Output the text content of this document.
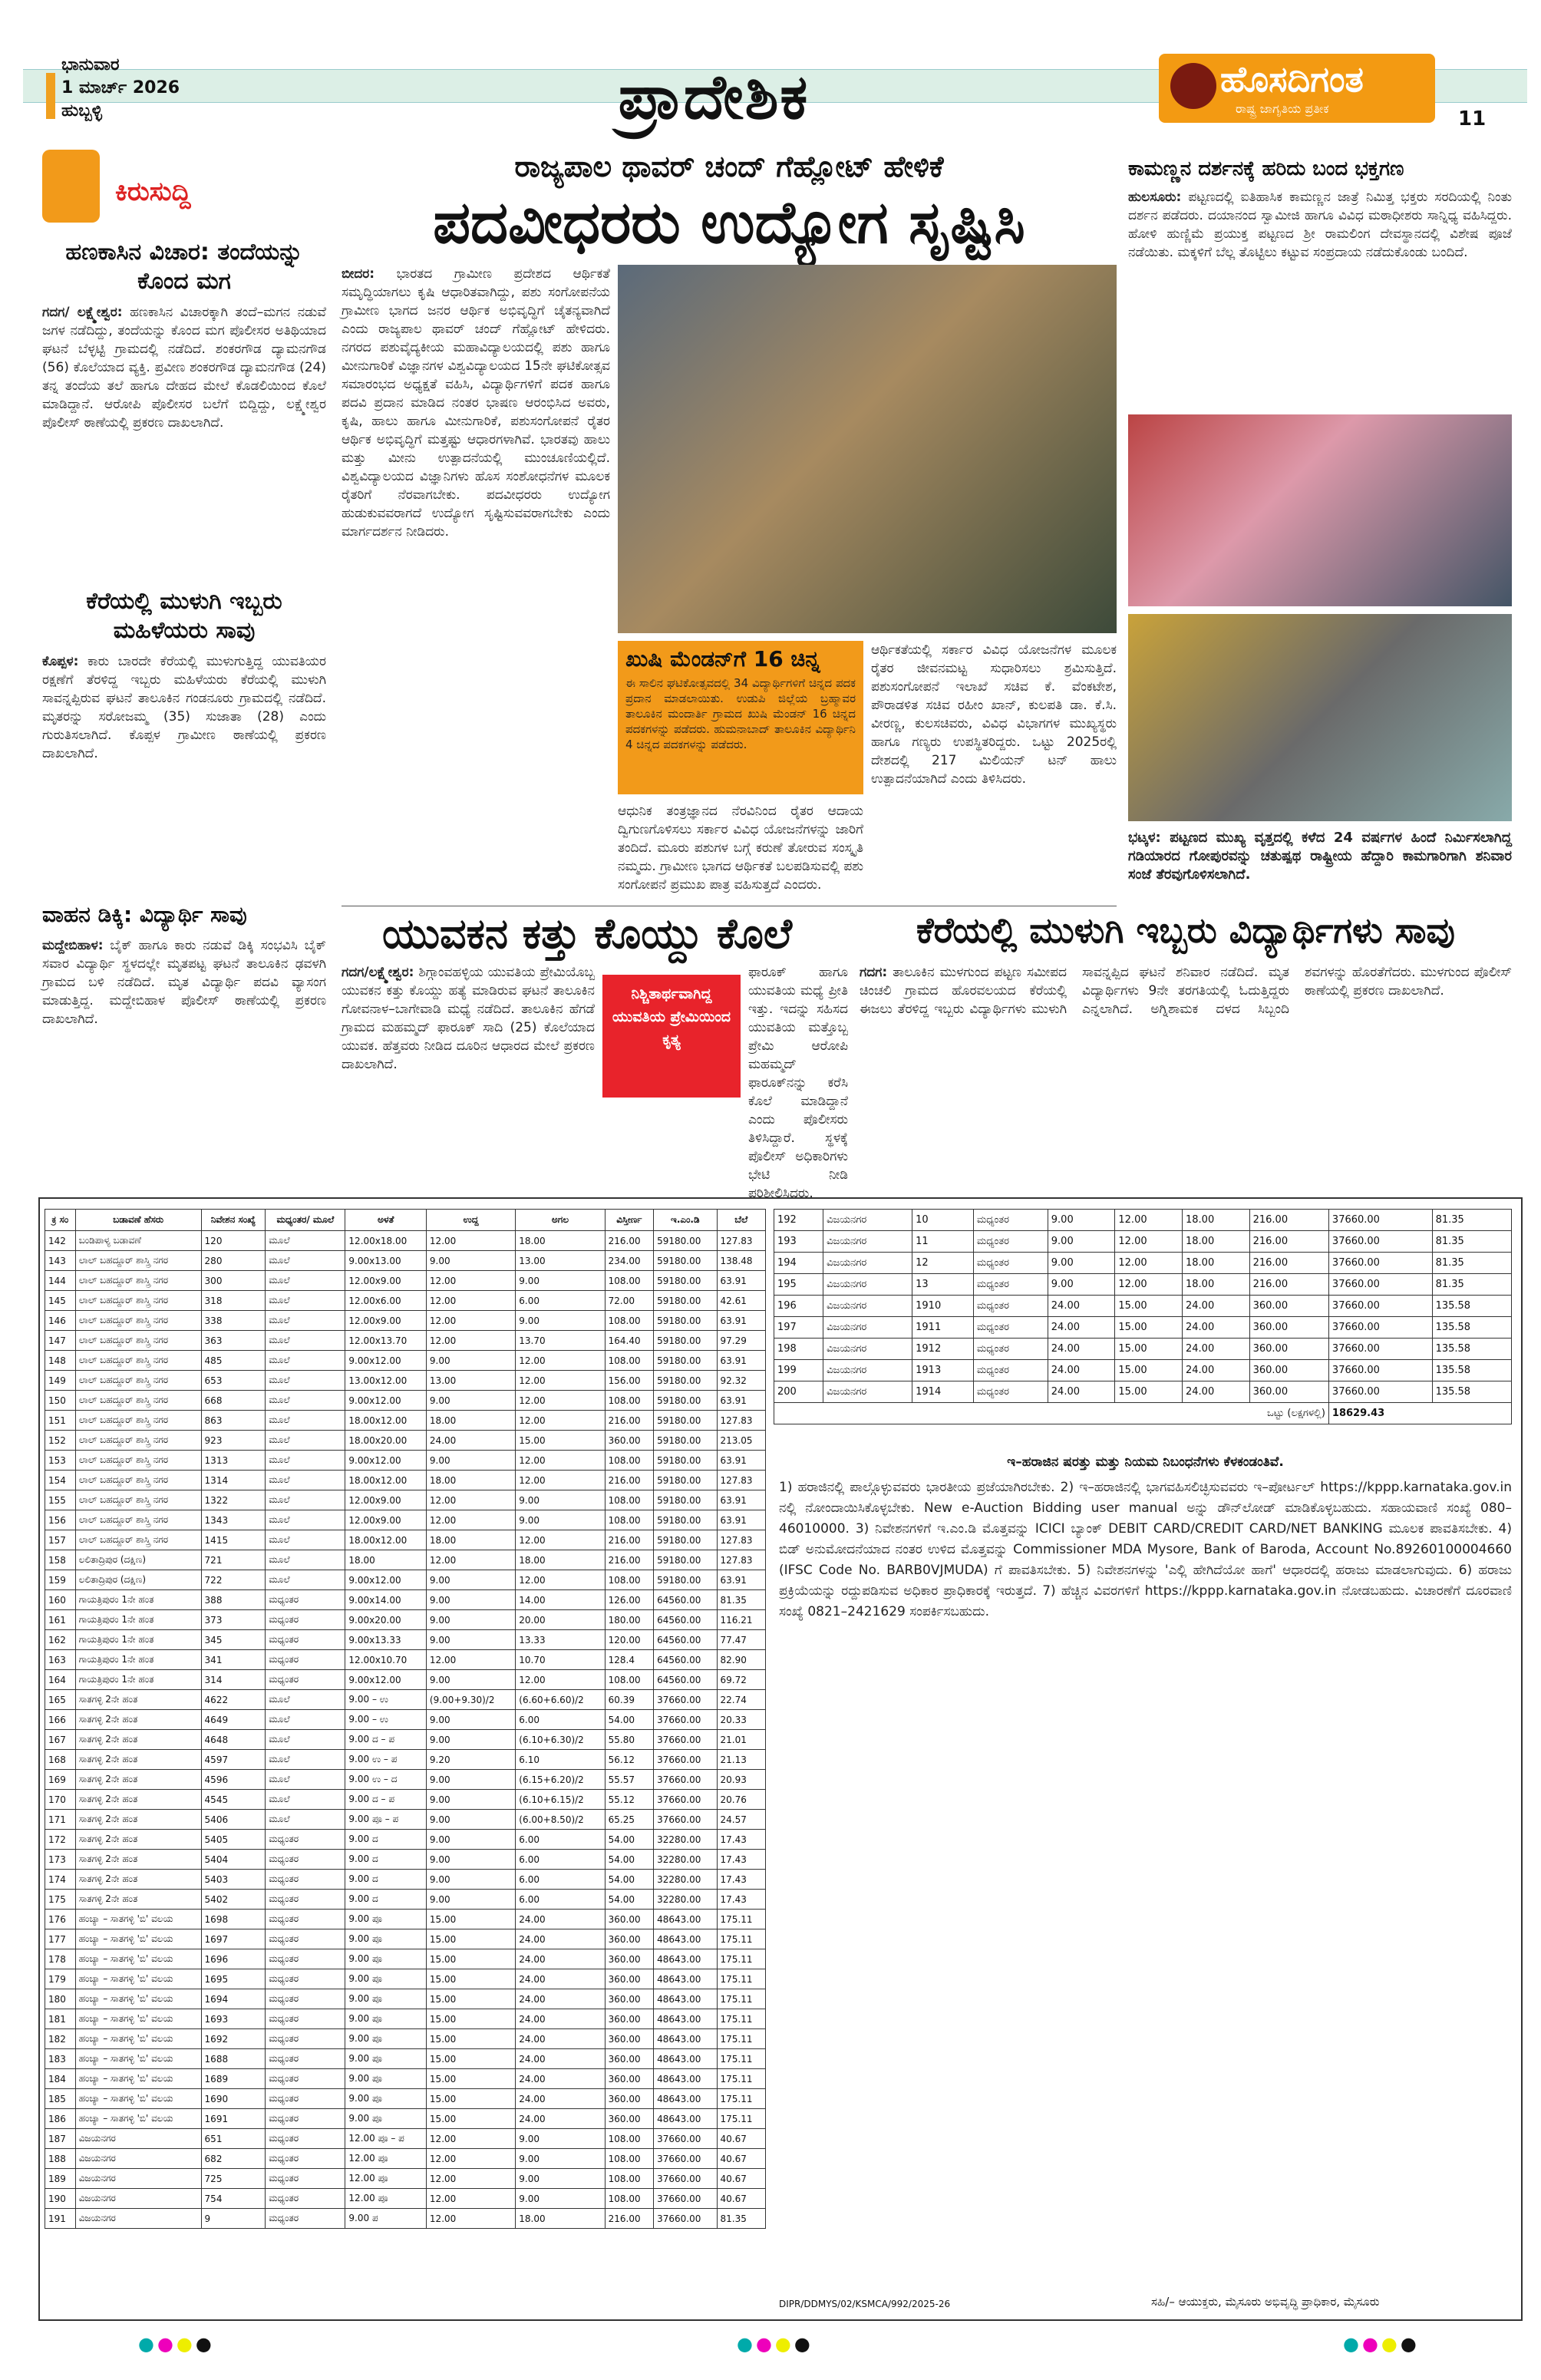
ಭಾನುವಾರ
1 ಮಾರ್ಚ್ 2026
ಹುಬ್ಬಳ್ಳಿ	ಪ್ರಾದೇಶಿಕ	ಹೊಸದಿಗಂತ
ರಾಷ್ಟ್ರ ಜಾಗೃತಿಯ ಪ್ರತೀಕ	11
ಕಿರುಸುದ್ದಿ
ಹಣಕಾಸಿನ ವಿಚಾರ: ತಂದೆಯನ್ನು ಕೊಂದ ಮಗ
ಗದಗ/ ಲಕ್ಷ್ಮೇಶ್ವರ: ಹಣಕಾಸಿನ ವಿಚಾರಕ್ಕಾಗಿ ತಂದೆ–ಮಗನ ನಡುವೆ ಜಗಳ ನಡೆದಿದ್ದು, ತಂದೆಯನ್ನು ಕೊಂದ ಮಗ ಪೊಲೀಸರ ಅತಿಥಿಯಾದ ಘಟನೆ ಬೆಳ್ಳಟ್ಟಿ ಗ್ರಾಮದಲ್ಲಿ ನಡೆದಿದೆ. ಶಂಕರಗೌಡ ದ್ಯಾಮನಗೌಡ (56) ಕೊಲೆಯಾದ ವ್ಯಕ್ತಿ. ಪ್ರವೀಣ ಶಂಕರಗೌಡ ದ್ಯಾಮನಗೌಡ (24) ತನ್ನ ತಂದೆಯ ತಲೆ ಹಾಗೂ ದೇಹದ ಮೇಲೆ ಕೊಡಲಿಯಿಂದ ಕೊಲೆ ಮಾಡಿದ್ದಾನೆ. ಆರೋಪಿ ಪೊಲೀಸರ ಬಲೆಗೆ ಬಿದ್ದಿದ್ದು, ಲಕ್ಷ್ಮೇಶ್ವರ ಪೊಲೀಸ್ ಠಾಣೆಯಲ್ಲಿ ಪ್ರಕರಣ ದಾಖಲಾಗಿದೆ.
ಕೆರೆಯಲ್ಲಿ ಮುಳುಗಿ ಇಬ್ಬರು ಮಹಿಳೆಯರು ಸಾವು
ಕೊಪ್ಪಳ: ಕಾರು ಬಾರದೇ ಕೆರೆಯಲ್ಲಿ ಮುಳುಗುತ್ತಿದ್ದ ಯುವತಿಯರ ರಕ್ಷಣೆಗೆ ತೆರಳಿದ್ದ ಇಬ್ಬರು ಮಹಿಳೆಯರು ಕೆರೆಯಲ್ಲಿ ಮುಳುಗಿ ಸಾವನ್ನಪ್ಪಿರುವ ಘಟನೆ ತಾಲೂಕಿನ ಗಂಡನೂರು ಗ್ರಾಮದಲ್ಲಿ ನಡೆದಿದೆ. ಮೃತರನ್ನು ಸರೋಜಮ್ಮ (35) ಸುಜಾತಾ (28) ಎಂದು ಗುರುತಿಸಲಾಗಿದೆ. ಕೊಪ್ಪಳ ಗ್ರಾಮೀಣ ಠಾಣೆಯಲ್ಲಿ ಪ್ರಕರಣ ದಾಖಲಾಗಿದೆ.
ವಾಹನ ಡಿಕ್ಕಿ: ವಿದ್ಯಾರ್ಥಿ ಸಾವು
ಮದ್ದೇಬಿಹಾಳ: ಬೈಕ್ ಹಾಗೂ ಕಾರು ನಡುವೆ ಡಿಕ್ಕಿ ಸಂಭವಿಸಿ ಬೈಕ್ ಸವಾರ ವಿದ್ಯಾರ್ಥಿ ಸ್ಥಳದಲ್ಲೇ ಮೃತಪಟ್ಟ ಘಟನೆ ತಾಲೂಕಿನ ಢವಳಗಿ ಗ್ರಾಮದ ಬಳಿ ನಡೆದಿದೆ. ಮೃತ ವಿದ್ಯಾರ್ಥಿ ಪದವಿ ವ್ಯಾಸಂಗ ಮಾಡುತ್ತಿದ್ದ. ಮದ್ದೇಬಿಹಾಳ ಪೊಲೀಸ್ ಠಾಣೆಯಲ್ಲಿ ಪ್ರಕರಣ ದಾಖಲಾಗಿದೆ.
ರಾಜ್ಯಪಾಲ ಥಾವರ್ ಚಂದ್ ಗೆಹ್ಲೋಟ್ ಹೇಳಿಕೆ
ಪದವೀಧರರು ಉದ್ಯೋಗ ಸೃಷ್ಟಿಸಿ
ಬೀದರ: ಭಾರತದ ಗ್ರಾಮೀಣ ಪ್ರದೇಶದ ಆರ್ಥಿಕತೆ ಸಮೃದ್ಧಿಯಾಗಲು ಕೃಷಿ ಆಧಾರಿತವಾಗಿದ್ದು, ಪಶು ಸಂಗೋಪನೆಯ ಗ್ರಾಮೀಣ ಭಾಗದ ಜನರ ಆರ್ಥಿಕ ಅಭಿವೃದ್ಧಿಗೆ ಚೈತನ್ಯವಾಗಿದೆ ಎಂದು ರಾಜ್ಯಪಾಲ ಥಾವರ್ ಚಂದ್ ಗೆಹ್ಲೋಟ್ ಹೇಳಿದರು. ನಗರದ ಪಶುವೈದ್ಯಕೀಯ ಮಹಾವಿದ್ಯಾಲಯದಲ್ಲಿ ಪಶು ಹಾಗೂ ಮೀನುಗಾರಿಕೆ ವಿಜ್ಞಾನಗಳ ವಿಶ್ವವಿದ್ಯಾಲಯದ 15ನೇ ಘಟಿಕೋತ್ಸವ ಸಮಾರಂಭದ ಅಧ್ಯಕ್ಷತೆ ವಹಿಸಿ, ವಿದ್ಯಾರ್ಥಿಗಳಿಗೆ ಪದಕ ಹಾಗೂ ಪದವಿ ಪ್ರದಾನ ಮಾಡಿದ ನಂತರ ಭಾಷಣ ಆರಂಭಿಸಿದ ಅವರು, ಕೃಷಿ, ಹಾಲು ಹಾಗೂ ಮೀನುಗಾರಿಕೆ, ಪಶುಸಂಗೋಪನೆ ರೈತರ ಆರ್ಥಿಕ ಅಭಿವೃದ್ಧಿಗೆ ಮತ್ತಷ್ಟು ಆಧಾರಗಳಾಗಿವೆ. ಭಾರತವು ಹಾಲು ಮತ್ತು ಮೀನು ಉತ್ಪಾದನೆಯಲ್ಲಿ ಮುಂಚೂಣಿಯಲ್ಲಿದೆ. ವಿಶ್ವವಿದ್ಯಾಲಯದ ವಿಜ್ಞಾನಿಗಳು ಹೊಸ ಸಂಶೋಧನೆಗಳ ಮೂಲಕ ರೈತರಿಗೆ ನೆರವಾಗಬೇಕು. ಪದವೀಧರರು ಉದ್ಯೋಗ ಹುಡುಕುವವರಾಗದೆ ಉದ್ಯೋಗ ಸೃಷ್ಟಿಸುವವರಾಗಬೇಕು ಎಂದು ಮಾರ್ಗದರ್ಶನ ನೀಡಿದರು.
ಖುಷಿ ಮೆಂಡನ್‌ಗೆ 16 ಚಿನ್ನ
ಈ ಸಾಲಿನ ಘಟಿಕೋತ್ಸವದಲ್ಲಿ 34 ವಿದ್ಯಾರ್ಥಿಗಳಿಗೆ ಚಿನ್ನದ ಪದಕ ಪ್ರದಾನ ಮಾಡಲಾಯಿತು. ಉಡುಪಿ ಜಿಲ್ಲೆಯ ಬ್ರಹ್ಮಾವರ ತಾಲೂಕಿನ ಮಂದಾರ್ತಿ ಗ್ರಾಮದ ಖುಷಿ ಮೆಂಡನ್ 16 ಚಿನ್ನದ ಪದಕಗಳನ್ನು ಪಡೆದರು. ಹುಮನಾಬಾದ್ ತಾಲೂಕಿನ ವಿದ್ಯಾರ್ಥಿನಿ 4 ಚಿನ್ನದ ಪದಕಗಳನ್ನು ಪಡೆದರು.
ಆಧುನಿಕ ತಂತ್ರಜ್ಞಾನದ ನೆರವಿನಿಂದ ರೈತರ ಆದಾಯ ದ್ವಿಗುಣಗೊಳಿಸಲು ಸರ್ಕಾರ ವಿವಿಧ ಯೋಜನೆಗಳನ್ನು ಜಾರಿಗೆ ತಂದಿದೆ. ಮೂರು ಪಶುಗಳ ಬಗ್ಗೆ ಕರುಣೆ ತೋರುವ ಸಂಸ್ಕೃತಿ ನಮ್ಮದು. ಗ್ರಾಮೀಣ ಭಾಗದ ಆರ್ಥಿಕತೆ ಬಲಪಡಿಸುವಲ್ಲಿ ಪಶು ಸಂಗೋಪನೆ ಪ್ರಮುಖ ಪಾತ್ರ ವಹಿಸುತ್ತದೆ ಎಂದರು.
ಆರ್ಥಿಕತೆಯಲ್ಲಿ ಸರ್ಕಾರ ವಿವಿಧ ಯೋಜನೆಗಳ ಮೂಲಕ ರೈತರ ಜೀವನಮಟ್ಟ ಸುಧಾರಿಸಲು ಶ್ರಮಿಸುತ್ತಿದೆ. ಪಶುಸಂಗೋಪನೆ ಇಲಾಖೆ ಸಚಿವ ಕೆ. ವೆಂಕಟೇಶ, ಪೌರಾಡಳಿತ ಸಚಿವ ರಹೀಂ ಖಾನ್, ಕುಲಪತಿ ಡಾ. ಕೆ.ಸಿ. ವೀರಣ್ಣ, ಕುಲಸಚಿವರು, ವಿವಿಧ ವಿಭಾಗಗಳ ಮುಖ್ಯಸ್ಥರು ಹಾಗೂ ಗಣ್ಯರು ಉಪಸ್ಥಿತರಿದ್ದರು. ಒಟ್ಟು 2025ರಲ್ಲಿ ದೇಶದಲ್ಲಿ 217 ಮಿಲಿಯನ್ ಟನ್ ಹಾಲು ಉತ್ಪಾದನೆಯಾಗಿದೆ ಎಂದು ತಿಳಿಸಿದರು.
ಕಾಮಣ್ಣನ ದರ್ಶನಕ್ಕೆ ಹರಿದು ಬಂದ ಭಕ್ತಗಣ
ಹುಲಸೂರು: ಪಟ್ಟಣದಲ್ಲಿ ಐತಿಹಾಸಿಕ ಕಾಮಣ್ಣನ ಜಾತ್ರೆ ನಿಮಿತ್ತ ಭಕ್ತರು ಸರದಿಯಲ್ಲಿ ನಿಂತು ದರ್ಶನ ಪಡೆದರು. ದಯಾನಂದ ಸ್ವಾಮೀಜಿ ಹಾಗೂ ವಿವಿಧ ಮಠಾಧೀಶರು ಸಾನ್ನಿಧ್ಯ ವಹಿಸಿದ್ದರು. ಹೋಳಿ ಹುಣ್ಣಿಮೆ ಪ್ರಯುಕ್ತ ಪಟ್ಟಣದ ಶ್ರೀ ರಾಮಲಿಂಗ ದೇವಸ್ಥಾನದಲ್ಲಿ ವಿಶೇಷ ಪೂಜೆ ನಡೆಯಿತು. ಮಕ್ಕಳಿಗೆ ಬೆಲ್ಲ ತೊಟ್ಟಿಲು ಕಟ್ಟುವ ಸಂಪ್ರದಾಯ ನಡೆದುಕೊಂಡು ಬಂದಿದೆ.
ಭಟ್ಕಳ: ಪಟ್ಟಣದ ಮುಖ್ಯ ವೃತ್ತದಲ್ಲಿ ಕಳೆದ 24 ವರ್ಷಗಳ ಹಿಂದೆ ನಿರ್ಮಿಸಲಾಗಿದ್ದ ಗಡಿಯಾರದ ಗೋಪುರವನ್ನು ಚತುಷ್ಪಥ ರಾಷ್ಟ್ರೀಯ ಹೆದ್ದಾರಿ ಕಾಮಗಾರಿಗಾಗಿ ಶನಿವಾರ ಸಂಜೆ ತೆರವುಗೊಳಿಸಲಾಗಿದೆ.
ಯುವಕನ ಕತ್ತು ಕೊಯ್ದು ಕೊಲೆ
ಗದಗ/ಲಕ್ಷ್ಮೇಶ್ವರ: ಶಿಗ್ಗಾಂವಹಳ್ಳಿಯ ಯುವತಿಯ ಪ್ರೇಮಿಯೊಬ್ಬ ಯುವಕನ ಕತ್ತು ಕೊಯ್ದು ಹತ್ಯೆ ಮಾಡಿರುವ ಘಟನೆ ತಾಲೂಕಿನ ಗೋವನಾಳ–ಬಾಗೇವಾಡಿ ಮಧ್ಯೆ ನಡೆದಿದೆ. ತಾಲೂಕಿನ ಹೆಗಡೆ ಗ್ರಾಮದ ಮಹಮ್ಮದ್ ಫಾರೂಕ್ ಸಾದಿ (25) ಕೊಲೆಯಾದ ಯುವಕ. ಹೆತ್ತವರು ನೀಡಿದ ದೂರಿನ ಆಧಾರದ ಮೇಲೆ ಪ್ರಕರಣ ದಾಖಲಾಗಿದೆ.
ನಿಶ್ಚಿತಾರ್ಥವಾಗಿದ್ದ ಯುವತಿಯ ಪ್ರೇಮಿಯಿಂದ ಕೃತ್ಯ
ಫಾರೂಕ್ ಹಾಗೂ ಯುವತಿಯ ಮಧ್ಯೆ ಪ್ರೀತಿ ಇತ್ತು. ಇದನ್ನು ಸಹಿಸದ ಯುವತಿಯ ಮತ್ತೊಬ್ಬ ಪ್ರೇಮಿ ಆರೋಪಿ ಮಹಮ್ಮದ್ ಫಾರೂಕ್‌ನನ್ನು ಕರೆಸಿ ಕೊಲೆ ಮಾಡಿದ್ದಾನೆ ಎಂದು ಪೊಲೀಸರು ತಿಳಿಸಿದ್ದಾರೆ. ಸ್ಥಳಕ್ಕೆ ಪೊಲೀಸ್ ಅಧಿಕಾರಿಗಳು ಭೇಟಿ ನೀಡಿ ಪರಿಶೀಲಿಸಿದರು.
ಕೆರೆಯಲ್ಲಿ ಮುಳುಗಿ ಇಬ್ಬರು ವಿದ್ಯಾರ್ಥಿಗಳು ಸಾವು
ಗದಗ: ತಾಲೂಕಿನ ಮುಳಗುಂದ ಪಟ್ಟಣ ಸಮೀಪದ ಚಿಂಚಲಿ ಗ್ರಾಮದ ಹೊರವಲಯದ ಕೆರೆಯಲ್ಲಿ ಈಜಲು ತೆರಳಿದ್ದ ಇಬ್ಬರು ವಿದ್ಯಾರ್ಥಿಗಳು ಮುಳುಗಿ ಸಾವನ್ನಪ್ಪಿದ ಘಟನೆ ಶನಿವಾರ ನಡೆದಿದೆ. ಮೃತ ವಿದ್ಯಾರ್ಥಿಗಳು 9ನೇ ತರಗತಿಯಲ್ಲಿ ಓದುತ್ತಿದ್ದರು ಎನ್ನಲಾಗಿದೆ. ಅಗ್ನಿಶಾಮಕ ದಳದ ಸಿಬ್ಬಂದಿ ಶವಗಳನ್ನು ಹೊರತೆಗೆದರು. ಮುಳಗುಂದ ಪೊಲೀಸ್ ಠಾಣೆಯಲ್ಲಿ ಪ್ರಕರಣ ದಾಖಲಾಗಿದೆ.
ಕ್ರ ಸಂ	ಬಡಾವಣೆ ಹೆಸರು	ನಿವೇಶನ ಸಂಖ್ಯೆ	ಮಧ್ಯಂತರ/ ಮೂಲೆ	ಅಳತೆ	ಉದ್ದ	ಅಗಲ	ವಿಸ್ತೀರ್ಣ	ಇ.ಎಂ.ಡಿ	ಬೆಲೆ
142	ಬಂಡಿಪಾಳ್ಯ ಬಡಾವಣೆ	120	ಮೂಲೆ	12.00x18.00	12.00	18.00	216.00	59180.00	127.83
143	ಲಾಲ್ ಬಹದ್ದೂರ್ ಶಾಸ್ತ್ರಿ ನಗರ	280	ಮೂಲೆ	9.00x13.00	9.00	13.00	234.00	59180.00	138.48
144	ಲಾಲ್ ಬಹದ್ದೂರ್ ಶಾಸ್ತ್ರಿ ನಗರ	300	ಮೂಲೆ	12.00x9.00	12.00	9.00	108.00	59180.00	63.91
145	ಲಾಲ್ ಬಹದ್ದೂರ್ ಶಾಸ್ತ್ರಿ ನಗರ	318	ಮೂಲೆ	12.00x6.00	12.00	6.00	72.00	59180.00	42.61
146	ಲಾಲ್ ಬಹದ್ದೂರ್ ಶಾಸ್ತ್ರಿ ನಗರ	338	ಮೂಲೆ	12.00x9.00	12.00	9.00	108.00	59180.00	63.91
147	ಲಾಲ್ ಬಹದ್ದೂರ್ ಶಾಸ್ತ್ರಿ ನಗರ	363	ಮೂಲೆ	12.00x13.70	12.00	13.70	164.40	59180.00	97.29
148	ಲಾಲ್ ಬಹದ್ದೂರ್ ಶಾಸ್ತ್ರಿ ನಗರ	485	ಮೂಲೆ	9.00x12.00	9.00	12.00	108.00	59180.00	63.91
149	ಲಾಲ್ ಬಹದ್ದೂರ್ ಶಾಸ್ತ್ರಿ ನಗರ	653	ಮೂಲೆ	13.00x12.00	13.00	12.00	156.00	59180.00	92.32
150	ಲಾಲ್ ಬಹದ್ದೂರ್ ಶಾಸ್ತ್ರಿ ನಗರ	668	ಮೂಲೆ	9.00x12.00	9.00	12.00	108.00	59180.00	63.91
151	ಲಾಲ್ ಬಹದ್ದೂರ್ ಶಾಸ್ತ್ರಿ ನಗರ	863	ಮೂಲೆ	18.00x12.00	18.00	12.00	216.00	59180.00	127.83
152	ಲಾಲ್ ಬಹದ್ದೂರ್ ಶಾಸ್ತ್ರಿ ನಗರ	923	ಮೂಲೆ	18.00x20.00	24.00	15.00	360.00	59180.00	213.05
153	ಲಾಲ್ ಬಹದ್ದೂರ್ ಶಾಸ್ತ್ರಿ ನಗರ	1313	ಮೂಲೆ	9.00x12.00	9.00	12.00	108.00	59180.00	63.91
154	ಲಾಲ್ ಬಹದ್ದೂರ್ ಶಾಸ್ತ್ರಿ ನಗರ	1314	ಮೂಲೆ	18.00x12.00	18.00	12.00	216.00	59180.00	127.83
155	ಲಾಲ್ ಬಹದ್ದೂರ್ ಶಾಸ್ತ್ರಿ ನಗರ	1322	ಮೂಲೆ	12.00x9.00	12.00	9.00	108.00	59180.00	63.91
156	ಲಾಲ್ ಬಹದ್ದೂರ್ ಶಾಸ್ತ್ರಿ ನಗರ	1343	ಮೂಲೆ	12.00x9.00	12.00	9.00	108.00	59180.00	63.91
157	ಲಾಲ್ ಬಹದ್ದೂರ್ ಶಾಸ್ತ್ರಿ ನಗರ	1415	ಮೂಲೆ	18.00x12.00	18.00	12.00	216.00	59180.00	127.83
158	ಲಲಿತಾದ್ರಿಪುರ (ದಕ್ಷಿಣ)	721	ಮೂಲೆ	18.00	12.00	18.00	216.00	59180.00	127.83
159	ಲಲಿತಾದ್ರಿಪುರ (ದಕ್ಷಿಣ)	722	ಮೂಲೆ	9.00x12.00	9.00	12.00	108.00	59180.00	63.91
160	ಗಾಯತ್ರಿಪುರಂ 1ನೇ ಹಂತ	388	ಮಧ್ಯಂತರ	9.00x14.00	9.00	14.00	126.00	64560.00	81.35
161	ಗಾಯತ್ರಿಪುರಂ 1ನೇ ಹಂತ	373	ಮಧ್ಯಂತರ	9.00x20.00	9.00	20.00	180.00	64560.00	116.21
162	ಗಾಯತ್ರಿಪುರಂ 1ನೇ ಹಂತ	345	ಮಧ್ಯಂತರ	9.00x13.33	9.00	13.33	120.00	64560.00	77.47
163	ಗಾಯತ್ರಿಪುರಂ 1ನೇ ಹಂತ	341	ಮಧ್ಯಂತರ	12.00x10.70	12.00	10.70	128.4	64560.00	82.90
164	ಗಾಯತ್ರಿಪುರಂ 1ನೇ ಹಂತ	314	ಮಧ್ಯಂತರ	9.00x12.00	9.00	12.00	108.00	64560.00	69.72
165	ಸಾತಗಳ್ಳಿ 2ನೇ ಹಂತ	4622	ಮೂಲೆ	9.00 – ಉ	(9.00+9.30)/2	(6.60+6.60)/2	60.39	37660.00	22.74
166	ಸಾತಗಳ್ಳಿ 2ನೇ ಹಂತ	4649	ಮೂಲೆ	9.00 – ಉ	9.00	6.00	54.00	37660.00	20.33
167	ಸಾತಗಳ್ಳಿ 2ನೇ ಹಂತ	4648	ಮೂಲೆ	9.00 ದ – ಪ	9.00	(6.10+6.30)/2	55.80	37660.00	21.01
168	ಸಾತಗಳ್ಳಿ 2ನೇ ಹಂತ	4597	ಮೂಲೆ	9.00 ಉ – ಪ	9.20	6.10	56.12	37660.00	21.13
169	ಸಾತಗಳ್ಳಿ 2ನೇ ಹಂತ	4596	ಮೂಲೆ	9.00 ಉ – ದ	9.00	(6.15+6.20)/2	55.57	37660.00	20.93
170	ಸಾತಗಳ್ಳಿ 2ನೇ ಹಂತ	4545	ಮೂಲೆ	9.00 ದ – ಪ	9.00	(6.10+6.15)/2	55.12	37660.00	20.76
171	ಸಾತಗಳ್ಳಿ 2ನೇ ಹಂತ	5406	ಮೂಲೆ	9.00 ಪೂ – ಪ	9.00	(6.00+8.50)/2	65.25	37660.00	24.57
172	ಸಾತಗಳ್ಳಿ 2ನೇ ಹಂತ	5405	ಮಧ್ಯಂತರ	9.00 ದ	9.00	6.00	54.00	32280.00	17.43
173	ಸಾತಗಳ್ಳಿ 2ನೇ ಹಂತ	5404	ಮಧ್ಯಂತರ	9.00 ದ	9.00	6.00	54.00	32280.00	17.43
174	ಸಾತಗಳ್ಳಿ 2ನೇ ಹಂತ	5403	ಮಧ್ಯಂತರ	9.00 ದ	9.00	6.00	54.00	32280.00	17.43
175	ಸಾತಗಳ್ಳಿ 2ನೇ ಹಂತ	5402	ಮಧ್ಯಂತರ	9.00 ದ	9.00	6.00	54.00	32280.00	17.43
176	ಹಂಚ್ಯಾ – ಸಾತಗಳ್ಳಿ 'ಬಿ' ವಲಯ	1698	ಮಧ್ಯಂತರ	9.00 ಪೂ	15.00	24.00	360.00	48643.00	175.11
177	ಹಂಚ್ಯಾ – ಸಾತಗಳ್ಳಿ 'ಬಿ' ವಲಯ	1697	ಮಧ್ಯಂತರ	9.00 ಪೂ	15.00	24.00	360.00	48643.00	175.11
178	ಹಂಚ್ಯಾ – ಸಾತಗಳ್ಳಿ 'ಬಿ' ವಲಯ	1696	ಮಧ್ಯಂತರ	9.00 ಪೂ	15.00	24.00	360.00	48643.00	175.11
179	ಹಂಚ್ಯಾ – ಸಾತಗಳ್ಳಿ 'ಬಿ' ವಲಯ	1695	ಮಧ್ಯಂತರ	9.00 ಪೂ	15.00	24.00	360.00	48643.00	175.11
180	ಹಂಚ್ಯಾ – ಸಾತಗಳ್ಳಿ 'ಬಿ' ವಲಯ	1694	ಮಧ್ಯಂತರ	9.00 ಪೂ	15.00	24.00	360.00	48643.00	175.11
181	ಹಂಚ್ಯಾ – ಸಾತಗಳ್ಳಿ 'ಬಿ' ವಲಯ	1693	ಮಧ್ಯಂತರ	9.00 ಪೂ	15.00	24.00	360.00	48643.00	175.11
182	ಹಂಚ್ಯಾ – ಸಾತಗಳ್ಳಿ 'ಬಿ' ವಲಯ	1692	ಮಧ್ಯಂತರ	9.00 ಪೂ	15.00	24.00	360.00	48643.00	175.11
183	ಹಂಚ್ಯಾ – ಸಾತಗಳ್ಳಿ 'ಬಿ' ವಲಯ	1688	ಮಧ್ಯಂತರ	9.00 ಪೂ	15.00	24.00	360.00	48643.00	175.11
184	ಹಂಚ್ಯಾ – ಸಾತಗಳ್ಳಿ 'ಬಿ' ವಲಯ	1689	ಮಧ್ಯಂತರ	9.00 ಪೂ	15.00	24.00	360.00	48643.00	175.11
185	ಹಂಚ್ಯಾ – ಸಾತಗಳ್ಳಿ 'ಬಿ' ವಲಯ	1690	ಮಧ್ಯಂತರ	9.00 ಪೂ	15.00	24.00	360.00	48643.00	175.11
186	ಹಂಚ್ಯಾ – ಸಾತಗಳ್ಳಿ 'ಬಿ' ವಲಯ	1691	ಮಧ್ಯಂತರ	9.00 ಪೂ	15.00	24.00	360.00	48643.00	175.11
187	ವಿಜಯನಗರ	651	ಮಧ್ಯಂತರ	12.00 ಪೂ – ಪ	12.00	9.00	108.00	37660.00	40.67
188	ವಿಜಯನಗರ	682	ಮಧ್ಯಂತರ	12.00 ಪೂ	12.00	9.00	108.00	37660.00	40.67
189	ವಿಜಯನಗರ	725	ಮಧ್ಯಂತರ	12.00 ಪೂ	12.00	9.00	108.00	37660.00	40.67
190	ವಿಜಯನಗರ	754	ಮಧ್ಯಂತರ	12.00 ಪೂ	12.00	9.00	108.00	37660.00	40.67
191	ವಿಜಯನಗರ	9	ಮಧ್ಯಂತರ	9.00 ಪ	12.00	18.00	216.00	37660.00	81.35
192	ವಿಜಯನಗರ	10	ಮಧ್ಯಂತರ	9.00	12.00	18.00	216.00	37660.00	81.35
193	ವಿಜಯನಗರ	11	ಮಧ್ಯಂತರ	9.00	12.00	18.00	216.00	37660.00	81.35
194	ವಿಜಯನಗರ	12	ಮಧ್ಯಂತರ	9.00	12.00	18.00	216.00	37660.00	81.35
195	ವಿಜಯನಗರ	13	ಮಧ್ಯಂತರ	9.00	12.00	18.00	216.00	37660.00	81.35
196	ವಿಜಯನಗರ	1910	ಮಧ್ಯಂತರ	24.00	15.00	24.00	360.00	37660.00	135.58
197	ವಿಜಯನಗರ	1911	ಮಧ್ಯಂತರ	24.00	15.00	24.00	360.00	37660.00	135.58
198	ವಿಜಯನಗರ	1912	ಮಧ್ಯಂತರ	24.00	15.00	24.00	360.00	37660.00	135.58
199	ವಿಜಯನಗರ	1913	ಮಧ್ಯಂತರ	24.00	15.00	24.00	360.00	37660.00	135.58
200	ವಿಜಯನಗರ	1914	ಮಧ್ಯಂತರ	24.00	15.00	24.00	360.00	37660.00	135.58
ಒಟ್ಟು (ಲಕ್ಷಗಳಲ್ಲಿ)								18629.43	
ಇ–ಹರಾಜಿನ ಷರತ್ತು ಮತ್ತು ನಿಯಮ ನಿಬಂಧನೆಗಳು ಕೆಳಕಂಡಂತಿವೆ.
1) ಹರಾಜಿನಲ್ಲಿ ಪಾಲ್ಗೊಳ್ಳುವವರು ಭಾರತೀಯ ಪ್ರಜೆಯಾಗಿರಬೇಕು. 2) ಇ–ಹರಾಜಿನಲ್ಲಿ ಭಾಗವಹಿಸಲಿಚ್ಛಿಸುವವರು ಇ–ಪೋರ್ಟಲ್ https://kppp.karnataka.gov.in ನಲ್ಲಿ ನೋಂದಾಯಿಸಿಕೊಳ್ಳಬೇಕು. New e-Auction Bidding user manual ಅನ್ನು ಡೌನ್‌ಲೋಡ್ ಮಾಡಿಕೊಳ್ಳಬಹುದು. ಸಹಾಯವಾಣಿ ಸಂಖ್ಯೆ 080–46010000. 3) ನಿವೇಶನಗಳಿಗೆ ಇ.ಎಂ.ಡಿ ಮೊತ್ತವನ್ನು ICICI ಬ್ಯಾಂಕ್ DEBIT CARD/CREDIT CARD/NET BANKING ಮೂಲಕ ಪಾವತಿಸಬೇಕು. 4) ಬಿಡ್ ಅನುಮೋದನೆಯಾದ ನಂತರ ಉಳಿದ ಮೊತ್ತವನ್ನು Commissioner MDA Mysore, Bank of Baroda, Account No.89260100004660 (IFSC Code No. BARB0VJMUDA) ಗೆ ಪಾವತಿಸಬೇಕು. 5) ನಿವೇಶನಗಳನ್ನು 'ಎಲ್ಲಿ ಹೇಗಿದೆಯೋ ಹಾಗೆ' ಆಧಾರದಲ್ಲಿ ಹರಾಜು ಮಾಡಲಾಗುವುದು. 6) ಹರಾಜು ಪ್ರಕ್ರಿಯೆಯನ್ನು ರದ್ದುಪಡಿಸುವ ಅಧಿಕಾರ ಪ್ರಾಧಿಕಾರಕ್ಕೆ ಇರುತ್ತದೆ. 7) ಹೆಚ್ಚಿನ ವಿವರಗಳಿಗೆ https://kppp.karnataka.gov.in ನೋಡಬಹುದು. ವಿಚಾರಣೆಗೆ ದೂರವಾಣಿ ಸಂಖ್ಯೆ 0821–2421629 ಸಂಪರ್ಕಿಸಬಹುದು.
ಸಹಿ/– ಆಯುಕ್ತರು, ಮೈಸೂರು ಅಭಿವೃದ್ಧಿ ಪ್ರಾಧಿಕಾರ, ಮೈಸೂರು
DIPR/DDMYS/02/KSMCA/992/2025-26
●●●●	●●●●	●●●●
